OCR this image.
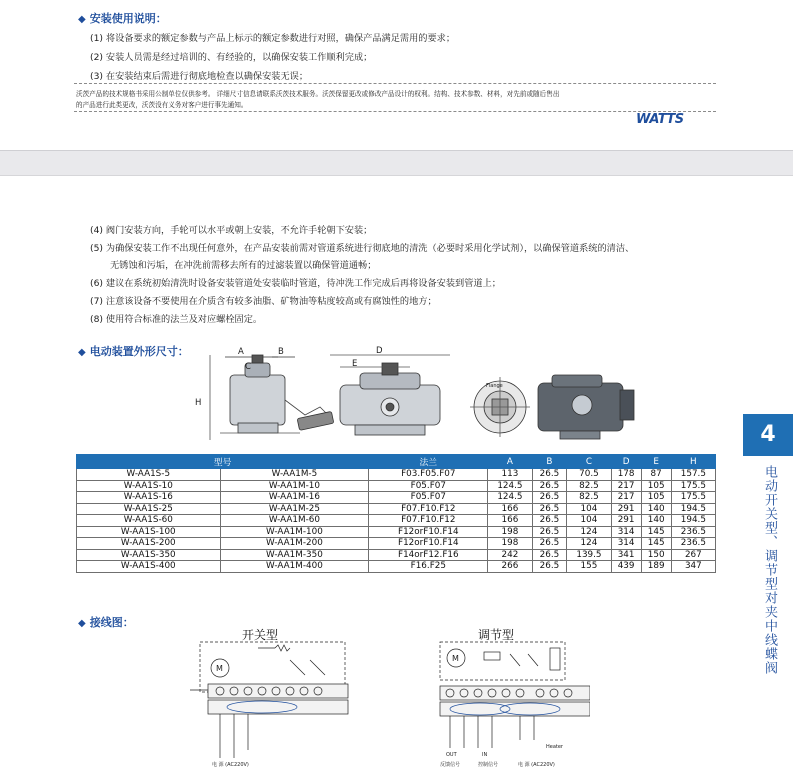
◆ 安装使用说明：
(1) 将设备要求的额定参数与产品上标示的额定参数进行对照，确保产品满足需用的要求；
(2) 安装人员需是经过培训的、有经验的，以确保安装工作顺利完成；
(3) 在安装结束后需进行彻底地检查以确保安装无误；
沃茨产品的技术规格书采用公制单位仅供参考。 详细尺寸信息请联系沃茨技术服务。沃茨保留更改或修改产品设计的权利。结构、技术参数、材料，对先前或随后售出
的产品进行此类更改，沃茨没有义务对客户进行事先通知。
WATTS
(4) 阀门安装方向，手轮可以水平或朝上安装，不允许手轮朝下安装；
(5) 为确保安装工作不出现任何意外，在产品安装前需对管道系统进行彻底地的清洗（必要时采用化学试剂），以确保管道系统的清洁、
无锈蚀和污垢，在冲洗前需移去所有的过滤装置以确保管道通畅；
(6) 建议在系统初始清洗时设备安装管道处安装临时管道，待冲洗工作完成后再将设备安装到管道上；
(7) 注意该设备不要使用在介质含有较多油脂、矿物油等粘度较高或有腐蚀性的地方；
(8) 使用符合标准的法兰及对应螺栓固定。
◆ 电动装置外形尺寸：	A	B
C
D
E
H
Flange
型号		法兰	A	B	C	D	E	H
W-AA1S-5	W-AA1M-5	F03.F05.F07	113	26.5	70.5	178	87	157.5
W-AA1S-10	W-AA1M-10	F05.F07	124.5	26.5	82.5	217	105	175.5
W-AA1S-16	W-AA1M-16	F05.F07	124.5	26.5	82.5	217	105	175.5
W-AA1S-25	W-AA1M-25	F07.F10.F12	166	26.5	104	291	140	194.5
W-AA1S-60	W-AA1M-60	F07.F10.F12	166	26.5	104	291	140	194.5
W-AA1S-100	W-AA1M-100	F12orF10.F14	198	26.5	124	314	145	236.5
W-AA1S-200	W-AA1M-200	F12orF10.F14	198	26.5	124	314	145	236.5
W-AA1S-350	W-AA1M-350	F14orF12.F16	242	26.5	139.5	341	150	267
W-AA1S-400	W-AA1M-400	F16.F25	266	26.5	155	439	189	347
4
电动开关型、调节型对夹中线蝶阀
◆ 接线图：
开关型	调节型
M
电 源 (AC220V)
M
OUT	IN
反馈信号	控制信号	电 源 (AC220V)
Heater
